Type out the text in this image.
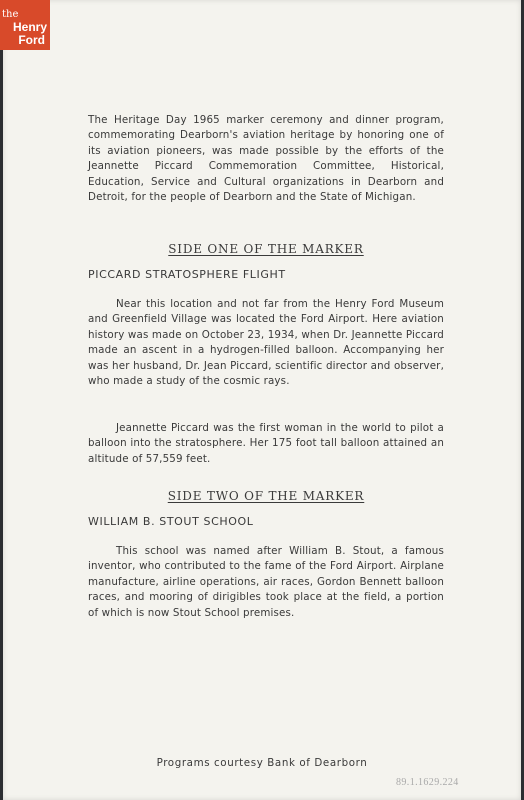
the
Henry
Ford

The Heritage Day 1965 marker ceremony and dinner program, commemorating Dearborn's aviation heritage by honoring one of its aviation pioneers, was made possible by the efforts of the Jeannette Piccard Commemoration Committee, Historical, Education, Service and Cultural organizations in Dearborn and Detroit, for the people of Dearborn and the State of Michigan.

SIDE ONE OF THE MARKER
PICCARD STRATOSPHERE FLIGHT

Near this location and not far from the Henry Ford Museum and Greenfield Village was located the Ford Airport. Here aviation history was made on October 23, 1934, when Dr. Jeannette Piccard made an ascent in a hydrogen-filled balloon. Accompanying her was her husband, Dr. Jean Piccard, scientific director and observer, who made a study of the cosmic rays.

Jeannette Piccard was the first woman in the world to pilot a balloon into the stratosphere. Her 175 foot tall balloon attained an altitude of 57,559 feet.

SIDE TWO OF THE MARKER
WILLIAM B. STOUT SCHOOL

This school was named after William B. Stout, a famous inventor, who contributed to the fame of the Ford Airport. Airplane manufacture, airline operations, air races, Gordon Bennett balloon races, and mooring of dirigibles took place at the field, a portion of which is now Stout School premises.

Programs courtesy Bank of Dearborn
89.1.1629.224
